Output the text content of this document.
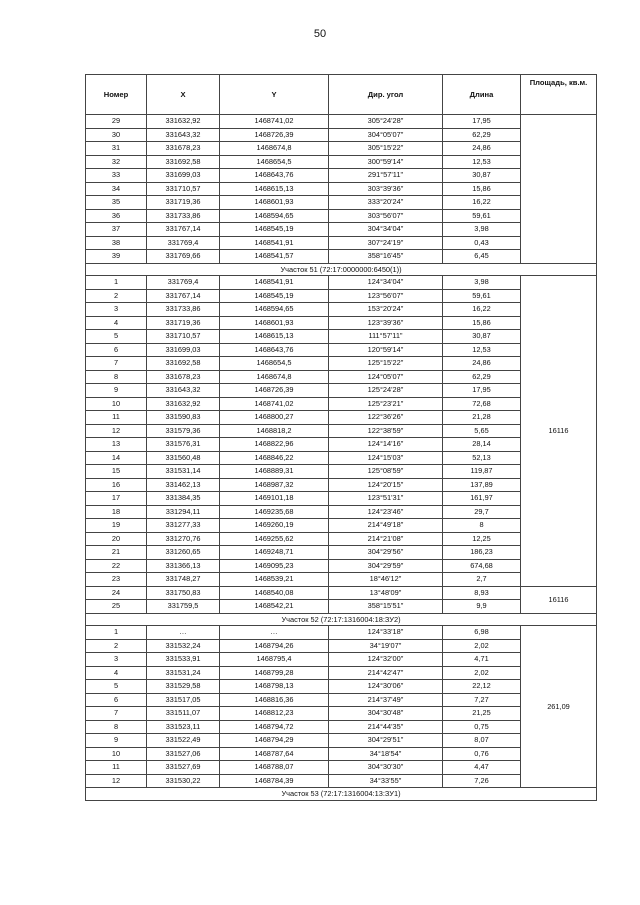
50
Номер	X	Y	Дир. угол	Длина	Площадь, кв.м.
29	331632,92	1468741,02	305°24'28"	17,95	
30	331643,32	1468726,39	304°05'07"	62,29	
31	331678,23	1468674,8	305°15'22"	24,86	
32	331692,58	1468654,5	300°59'14"	12,53	
33	331699,03	1468643,76	291°57'11"	30,87	
34	331710,57	1468615,13	303°39'36"	15,86	
35	331719,36	1468601,93	333°20'24"	16,22	
36	331733,86	1468594,65	303°56'07"	59,61	
37	331767,14	1468545,19	304°34'04"	3,98	
38	331769,4	1468541,91	307°24'19"	0,43	
39	331769,66	1468541,57	358°16'45"	6,45	
Участок 51 (72:17:0000000:6450(1))					
1	331769,4	1468541,91	124°34'04"	3,98	16116
2	331767,14	1468545,19	123°56'07"	59,61	
3	331733,86	1468594,65	153°20'24"	16,22	
4	331719,36	1468601,93	123°39'36"	15,86	
5	331710,57	1468615,13	111°57'11"	30,87	
6	331699,03	1468643,76	120°59'14"	12,53	
7	331692,58	1468654,5	125°15'22"	24,86	
8	331678,23	1468674,8	124°05'07"	62,29	
9	331643,32	1468726,39	125°24'28"	17,95	
10	331632,92	1468741,02	125°23'21"	72,68	
11	331590,83	1468800,27	122°36'26"	21,28	
12	331579,36	1468818,2	122°38'59"	5,65	
13	331576,31	1468822,96	124°14'16"	28,14	
14	331560,48	1468846,22	124°15'03"	52,13	
15	331531,14	1468889,31	125°08'59"	119,87	
16	331462,13	1468987,32	124°20'15"	137,89	
17	331384,35	1469101,18	123°51'31"	161,97	
18	331294,11	1469235,68	124°23'46"	29,7	
19	331277,33	1469260,19	214°49'18"	8	
20	331270,76	1469255,62	214°21'08"	12,25	
21	331260,65	1469248,71	304°29'56"	186,23	
22	331366,13	1469095,23	304°29'59"	674,68	
23	331748,27	1468539,21	18°46'12"	2,7	
24	331750,83	1468540,08	13°48'09"	8,93	16116
25	331759,5	1468542,21	358°15'51"	9,9	
Участок 52 (72:17:1316004:18:ЗУ2)					
1	…	…	124°33'18"	6,98	261,09
2	331532,24	1468794,26	34°19'07"	2,02	
3	331533,91	1468795,4	124°32'00"	4,71	
4	331531,24	1468799,28	214°42'47"	2,02	
5	331529,58	1468798,13	124°30'06"	22,12	
6	331517,05	1468816,36	214°37'49"	7,27	
7	331511,07	1468812,23	304°30'48"	21,25	
8	331523,11	1468794,72	214°44'35"	0,75	
9	331522,49	1468794,29	304°29'51"	8,07	
10	331527,06	1468787,64	34°18'54"	0,76	
11	331527,69	1468788,07	304°30'30"	4,47	
12	331530,22	1468784,39	34°33'55"	7,26	
Участок 53 (72:17:1316004:13:ЗУ1)					
